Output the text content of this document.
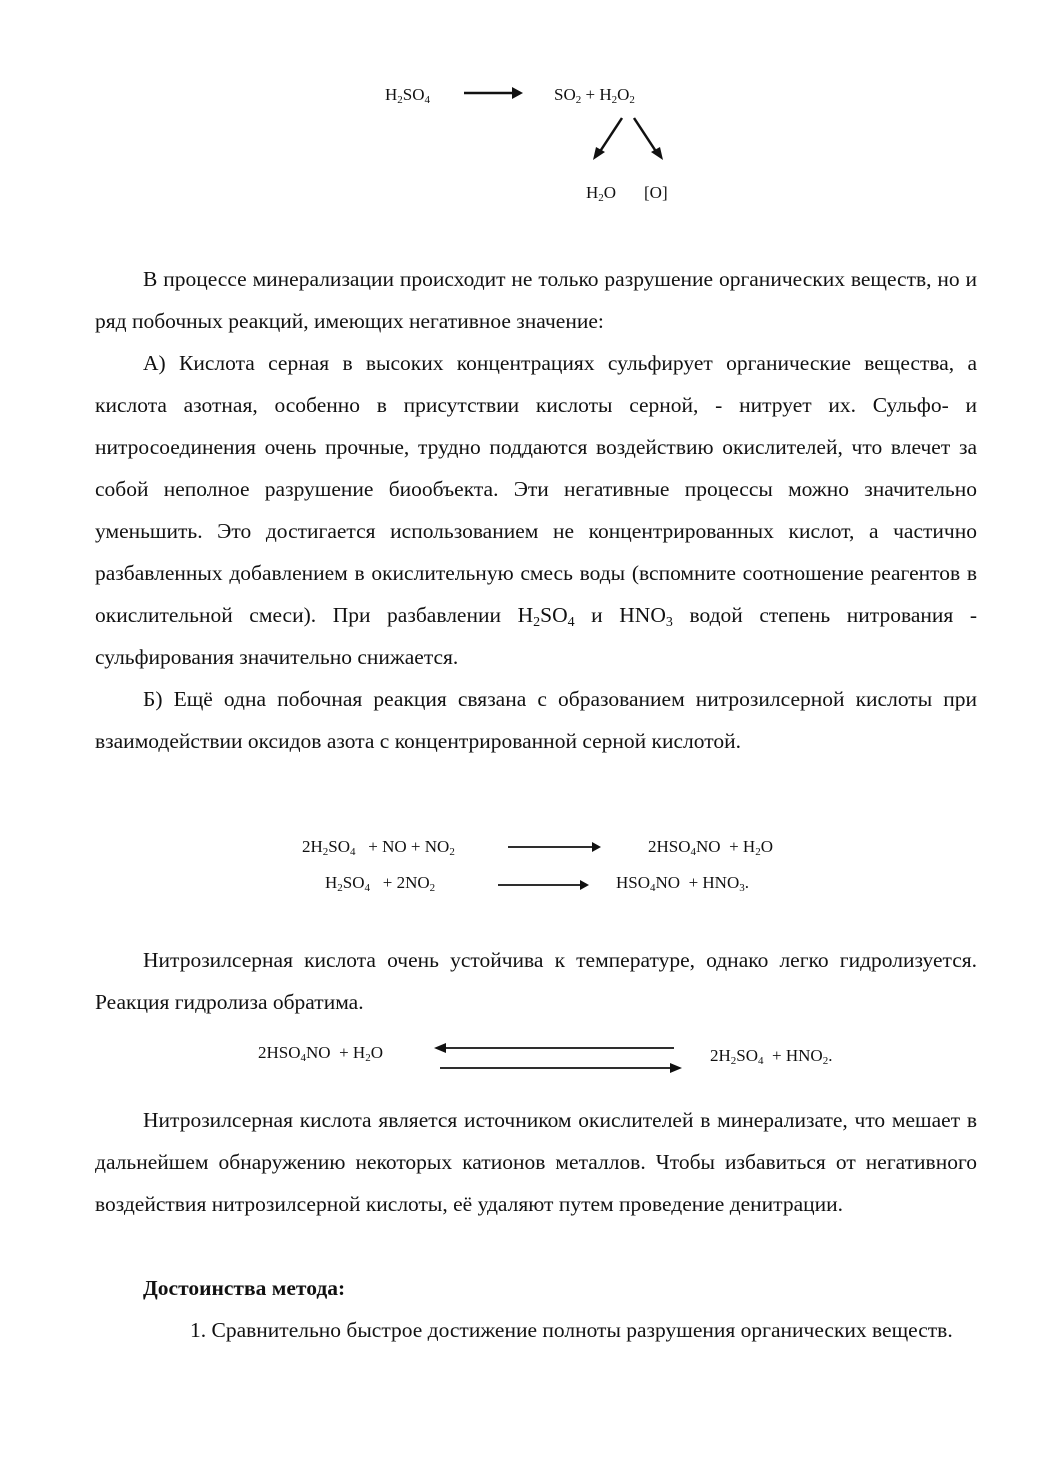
$H_2SO_4$	$SO_2 + H_2O_2$
$H_2O$ [O]

В процессе минерализации происходит не только разрушение органических веществ, но и ряд побочных реакций, имеющих негативное значение:

А) Кислота серная в высоких концентрациях сульфирует органические вещества, а кислота азотная, особенно в присутствии кислоты серной, - нитрует их. Сульфо- и нитросоединения очень прочные, трудно поддаются воздействию окислителей, что влечет за собой неполное разрушение биообъекта. Эти негативные процессы можно значительно уменьшить. Это достигается использованием не концентрированных кислот, а частично разбавленных добавлением в окислительную смесь воды (вспомните соотношение реагентов в окислительной смеси). При разбавлении $H_2SO_4$ и $HNO_3$ водой степень нитрования - сульфирования значительно снижается.

Б) Ещё одна побочная реакция связана с образованием нитрозилсерной кислоты при взаимодействии оксидов азота с концентрированной серной кислотой.

$2H_2SO_4$   + NO + $NO_2$	$2HSO_4NO + H_2O$
$H_2SO_4 + 2NO_2$	$HSO_4NO + HNO_3$.

Нитрозилсерная кислота очень устойчива к температуре, однако легко гидролизуется. Реакция гидролиза обратима.

$2HSO_4NO + H_2O$	$2H_2SO_4 + HNO_2$.

Нитрозилсерная кислота является источником окислителей в минерализате, что мешает в дальнейшем обнаружению некоторых катионов металлов. Чтобы избавиться от негативного воздействия нитрозилсерной кислоты, её удаляют путем проведение денитрации.

Достоинства метода:

1. Сравнительно быстрое достижение полноты разрушения органических веществ.
